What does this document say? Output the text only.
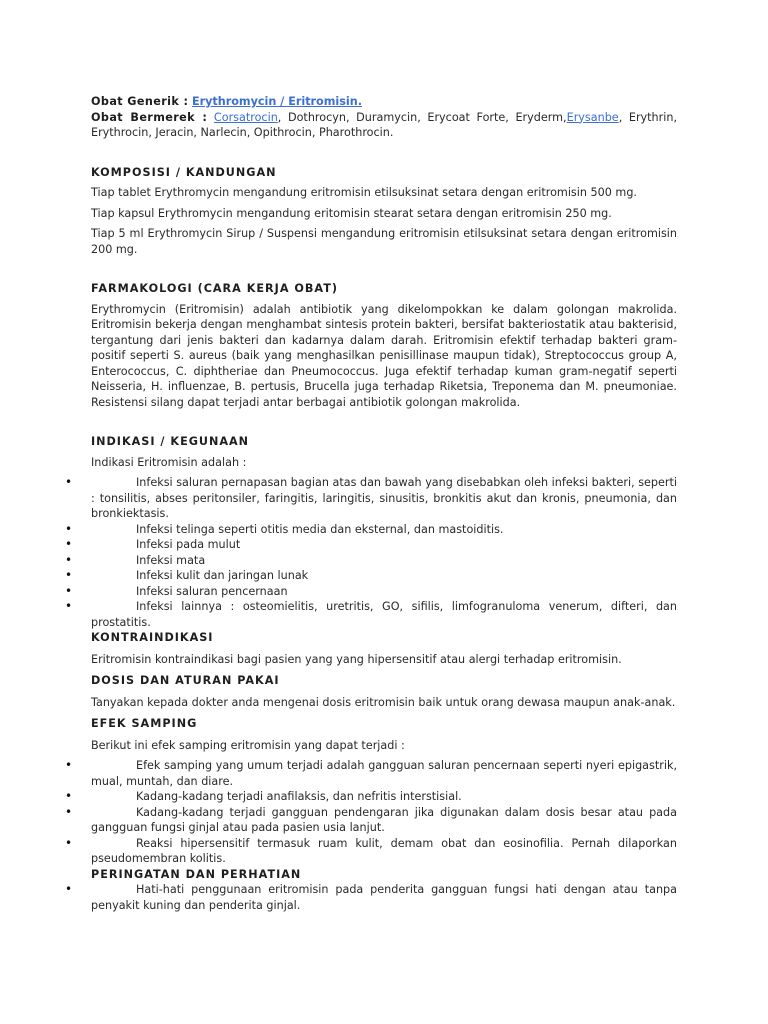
Obat Generik : Erythromycin / Eritromisin.

Obat Bermerek : Corsatrocin, Dothrocyn, Duramycin, Erycoat Forte, Eryderm,Erysanbe, Erythrin, Erythrocin, Jeracin, Narlecin, Opithrocin, Pharothrocin.

KOMPOSISI / KANDUNGAN

Tiap tablet Erythromycin mengandung eritromisin etilsuksinat setara dengan eritromisin 500 mg.

Tiap kapsul Erythromycin mengandung eritomisin stearat setara dengan eritromisin 250 mg.

Tiap 5 ml Erythromycin Sirup / Suspensi mengandung eritromisin etilsuksinat setara dengan eritromisin 200 mg.

FARMAKOLOGI (CARA KERJA OBAT)

Erythromycin (Eritromisin) adalah antibiotik yang dikelompokkan ke dalam golongan makrolida. Eritromisin bekerja dengan menghambat sintesis protein bakteri, bersifat bakteriostatik atau bakterisid, tergantung dari jenis bakteri dan kadarnya dalam darah. Eritromisin efektif terhadap bakteri gram-positif seperti S. aureus (baik yang menghasilkan penisillinase maupun tidak), Streptococcus group A, Enterococcus, C. diphtheriae dan Pneumococcus. Juga efektif terhadap kuman gram-negatif seperti Neisseria, H. influenzae, B. pertusis, Brucella juga terhadap Riketsia, Treponema dan M. pneumoniae. Resistensi silang dapat terjadi antar berbagai antibiotik golongan makrolida.

INDIKASI / KEGUNAAN

Indikasi Eritromisin adalah :

•	Infeksi saluran pernapasan bagian atas dan bawah yang disebabkan oleh infeksi bakteri, seperti : tonsilitis, abses peritonsiler, faringitis, laringitis, sinusitis, bronkitis akut dan kronis, pneumonia, dan bronkiektasis.
•	Infeksi telinga seperti otitis media dan eksternal, dan mastoiditis.
•	Infeksi pada mulut
•	Infeksi mata
•	Infeksi kulit dan jaringan lunak
•	Infeksi saluran pencernaan
•	Infeksi lainnya : osteomielitis, uretritis, GO, sifilis, limfogranuloma venerum, difteri, dan prostatitis.

KONTRAINDIKASI

Eritromisin kontraindikasi bagi pasien yang yang hipersensitif atau alergi terhadap eritromisin.

DOSIS DAN ATURAN PAKAI

Tanyakan kepada dokter anda mengenai dosis eritromisin baik untuk orang dewasa maupun anak-anak.

EFEK SAMPING

Berikut ini efek samping eritromisin yang dapat terjadi :

•	Efek samping yang umum terjadi adalah gangguan saluran pencernaan seperti nyeri epigastrik, mual, muntah, dan diare.
•	Kadang-kadang terjadi anafilaksis, dan nefritis interstisial.
•	Kadang-kadang terjadi gangguan pendengaran jika digunakan dalam dosis besar atau pada gangguan fungsi ginjal atau pada pasien usia lanjut.
•	Reaksi hipersensitif termasuk ruam kulit, demam obat dan eosinofilia. Pernah dilaporkan pseudomembran kolitis.

PERINGATAN DAN PERHATIAN

•	Hati-hati penggunaan eritromisin pada penderita gangguan fungsi hati dengan atau tanpa penyakit kuning dan penderita ginjal.
